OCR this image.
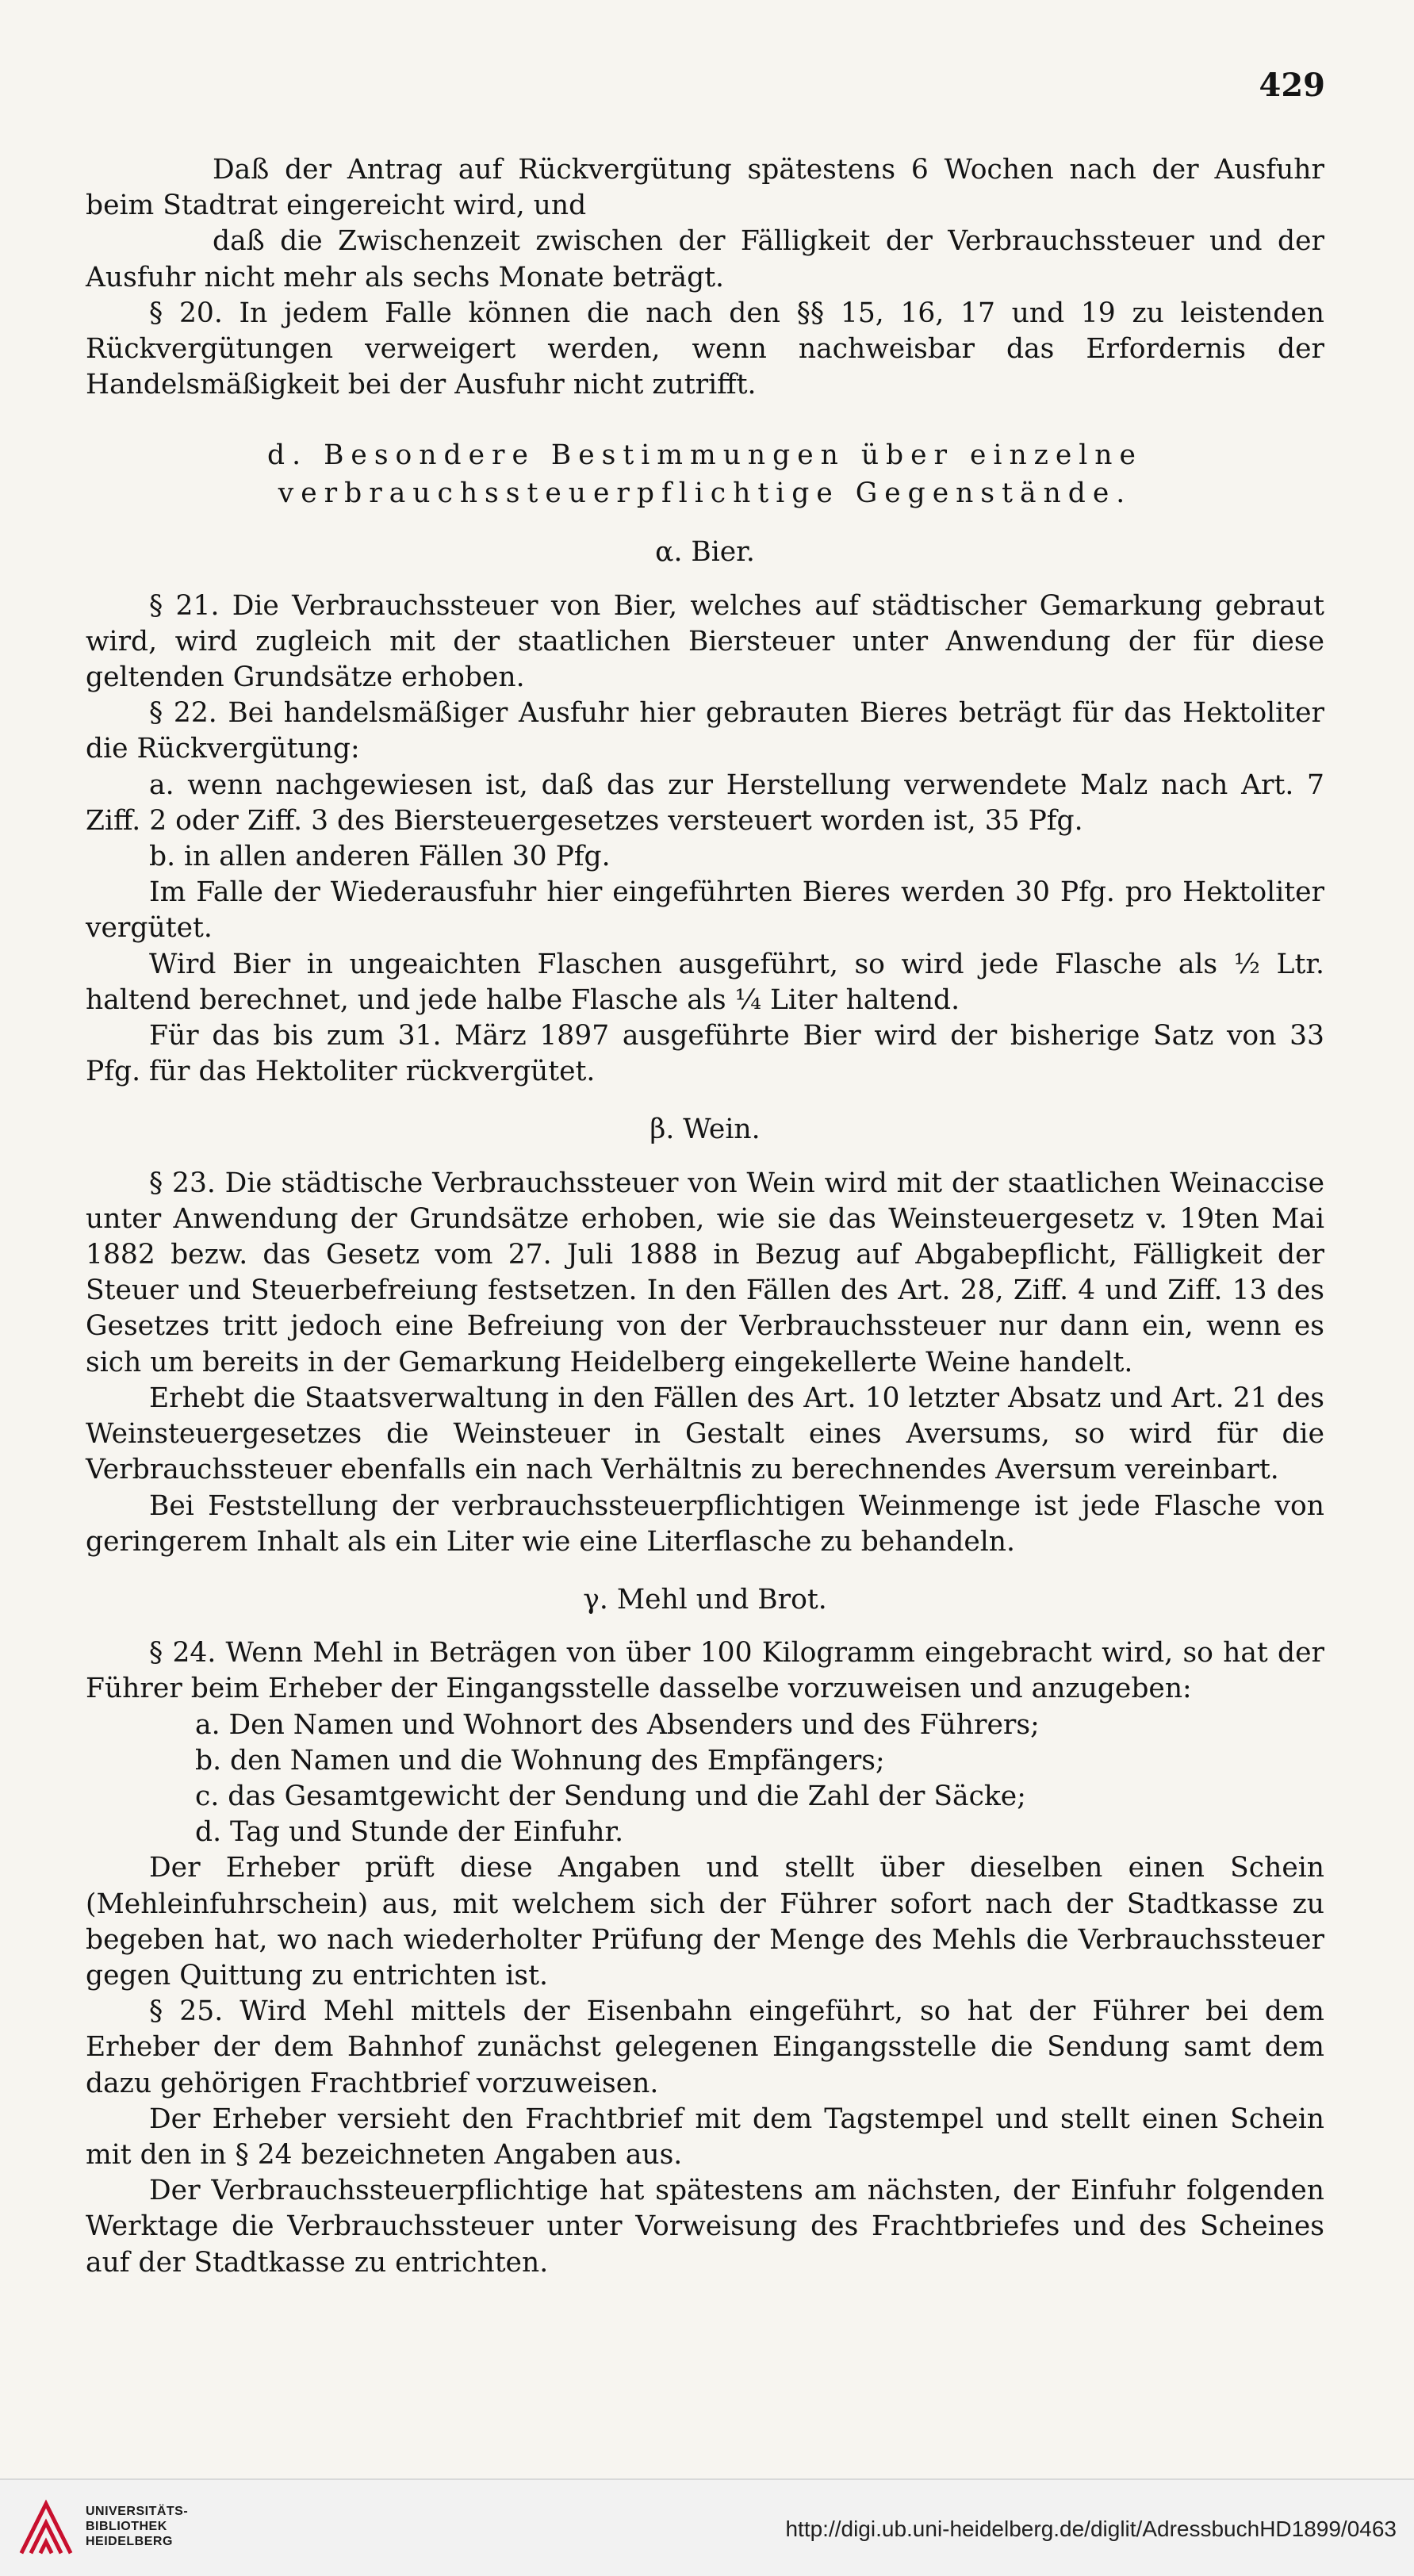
429

Daß der Antrag auf Rückvergütung spätestens 6 Wochen nach der Ausfuhr beim Stadtrat eingereicht wird, und

daß die Zwischenzeit zwischen der Fälligkeit der Verbrauchssteuer und der Ausfuhr nicht mehr als sechs Monate beträgt.

§ 20. In jedem Falle können die nach den §§ 15, 16, 17 und 19 zu leistenden Rückvergütungen verweigert werden, wenn nachweisbar das Erfordernis der Handelsmäßigkeit bei der Ausfuhr nicht zutrifft.

d. Besondere Bestimmungen über einzelne verbrauchssteuerpflichtige Gegenstände.

α. Bier.

§ 21. Die Verbrauchssteuer von Bier, welches auf städtischer Gemarkung gebraut wird, wird zugleich mit der staatlichen Biersteuer unter Anwendung der für diese geltenden Grundsätze erhoben.

§ 22. Bei handelsmäßiger Ausfuhr hier gebrauten Bieres beträgt für das Hektoliter die Rückvergütung:

a. wenn nachgewiesen ist, daß das zur Herstellung verwendete Malz nach Art. 7 Ziff. 2 oder Ziff. 3 des Biersteuergesetzes versteuert worden ist, 35 Pfg.

b. in allen anderen Fällen 30 Pfg.

Im Falle der Wiederausfuhr hier eingeführten Bieres werden 30 Pfg. pro Hektoliter vergütet.

Wird Bier in ungeaichten Flaschen ausgeführt, so wird jede Flasche als ½ Ltr. haltend berechnet, und jede halbe Flasche als ¼ Liter haltend.

Für das bis zum 31. März 1897 ausgeführte Bier wird der bisherige Satz von 33 Pfg. für das Hektoliter rückvergütet.

β. Wein.

§ 23. Die städtische Verbrauchssteuer von Wein wird mit der staatlichen Weinaccise unter Anwendung der Grundsätze erhoben, wie sie das Weinsteuergesetz v. 19ten Mai 1882 bezw. das Gesetz vom 27. Juli 1888 in Bezug auf Abgabepflicht, Fälligkeit der Steuer und Steuerbefreiung festsetzen. In den Fällen des Art. 28, Ziff. 4 und Ziff. 13 des Gesetzes tritt jedoch eine Befreiung von der Verbrauchssteuer nur dann ein, wenn es sich um bereits in der Gemarkung Heidelberg eingekellerte Weine handelt.

Erhebt die Staatsverwaltung in den Fällen des Art. 10 letzter Absatz und Art. 21 des Weinsteuergesetzes die Weinsteuer in Gestalt eines Aversums, so wird für die Verbrauchssteuer ebenfalls ein nach Verhältnis zu berechnendes Aversum vereinbart.

Bei Feststellung der verbrauchssteuerpflichtigen Weinmenge ist jede Flasche von geringerem Inhalt als ein Liter wie eine Literflasche zu behandeln.

γ. Mehl und Brot.

§ 24. Wenn Mehl in Beträgen von über 100 Kilogramm eingebracht wird, so hat der Führer beim Erheber der Eingangsstelle dasselbe vorzuweisen und anzugeben:

a. Den Namen und Wohnort des Absenders und des Führers;

b. den Namen und die Wohnung des Empfängers;

c. das Gesamtgewicht der Sendung und die Zahl der Säcke;

d. Tag und Stunde der Einfuhr.

Der Erheber prüft diese Angaben und stellt über dieselben einen Schein (Mehleinfuhrschein) aus, mit welchem sich der Führer sofort nach der Stadtkasse zu begeben hat, wo nach wiederholter Prüfung der Menge des Mehls die Verbrauchssteuer gegen Quittung zu entrichten ist.

§ 25. Wird Mehl mittels der Eisenbahn eingeführt, so hat der Führer bei dem Erheber der dem Bahnhof zunächst gelegenen Eingangsstelle die Sendung samt dem dazu gehörigen Frachtbrief vorzuweisen.

Der Erheber versieht den Frachtbrief mit dem Tagstempel und stellt einen Schein mit den in § 24 bezeichneten Angaben aus.

Der Verbrauchssteuerpflichtige hat spätestens am nächsten, der Einfuhr folgenden Werktage die Verbrauchssteuer unter Vorweisung des Frachtbriefes und des Scheines auf der Stadtkasse zu entrichten.

UNIVERSITÄTS-
BIBLIOTHEK
HEIDELBERG
http://digi.ub.uni-heidelberg.de/diglit/AdressbuchHD1899/0463
